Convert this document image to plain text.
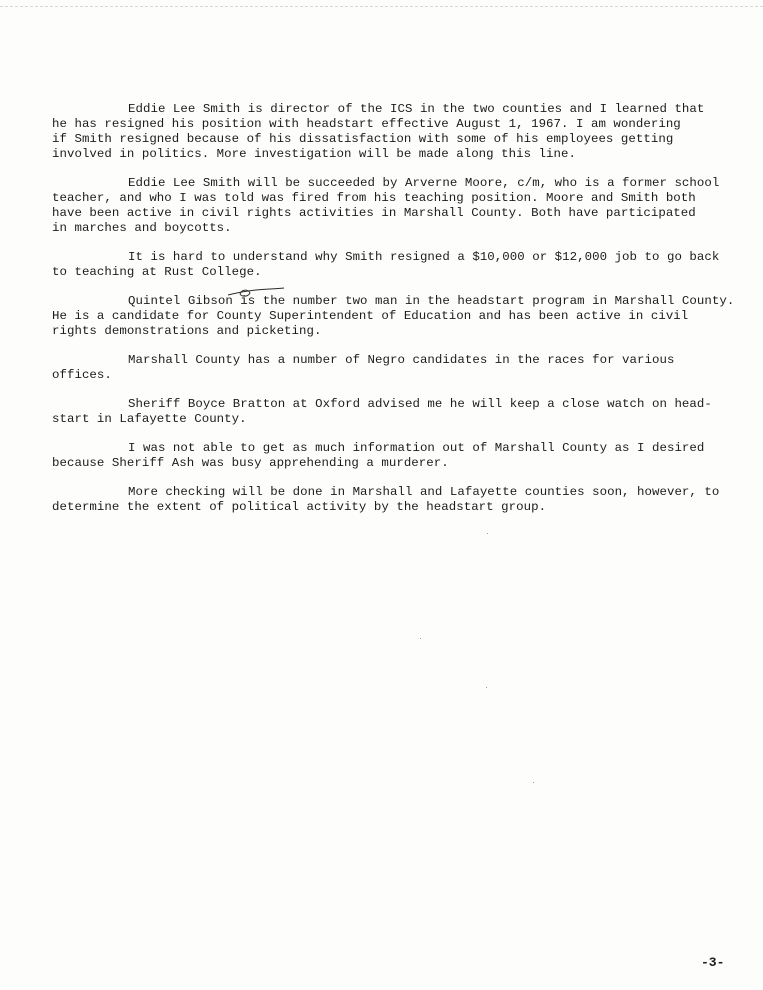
Eddie Lee Smith is director of the ICS in the two counties and I learned that
he has resigned his position with headstart effective August 1, 1967. I am wondering
if Smith resigned because of his dissatisfaction with some of his employees getting
involved in politics. More investigation will be made along this line.

Eddie Lee Smith will be succeeded by Arverne Moore, c/m, who is a former school
teacher, and who I was told was fired from his teaching position. Moore and Smith both
have been active in civil rights activities in Marshall County. Both have participated
in marches and boycotts.

It is hard to understand why Smith resigned a $10,000 or $12,000 job to go back
to teaching at Rust College.

Quintel Gibson is the number two man in the headstart program in Marshall County.
He is a candidate for County Superintendent of Education and has been active in civil
rights demonstrations and picketing.

Marshall County has a number of Negro candidates in the races for various
offices.

Sheriff Boyce Bratton at Oxford advised me he will keep a close watch on head-
start in Lafayette County.

I was not able to get as much information out of Marshall County as I desired
because Sheriff Ash was busy apprehending a murderer.

More checking will be done in Marshall and Lafayette counties soon, however, to
determine the extent of political activity by the headstart group.

-3-
